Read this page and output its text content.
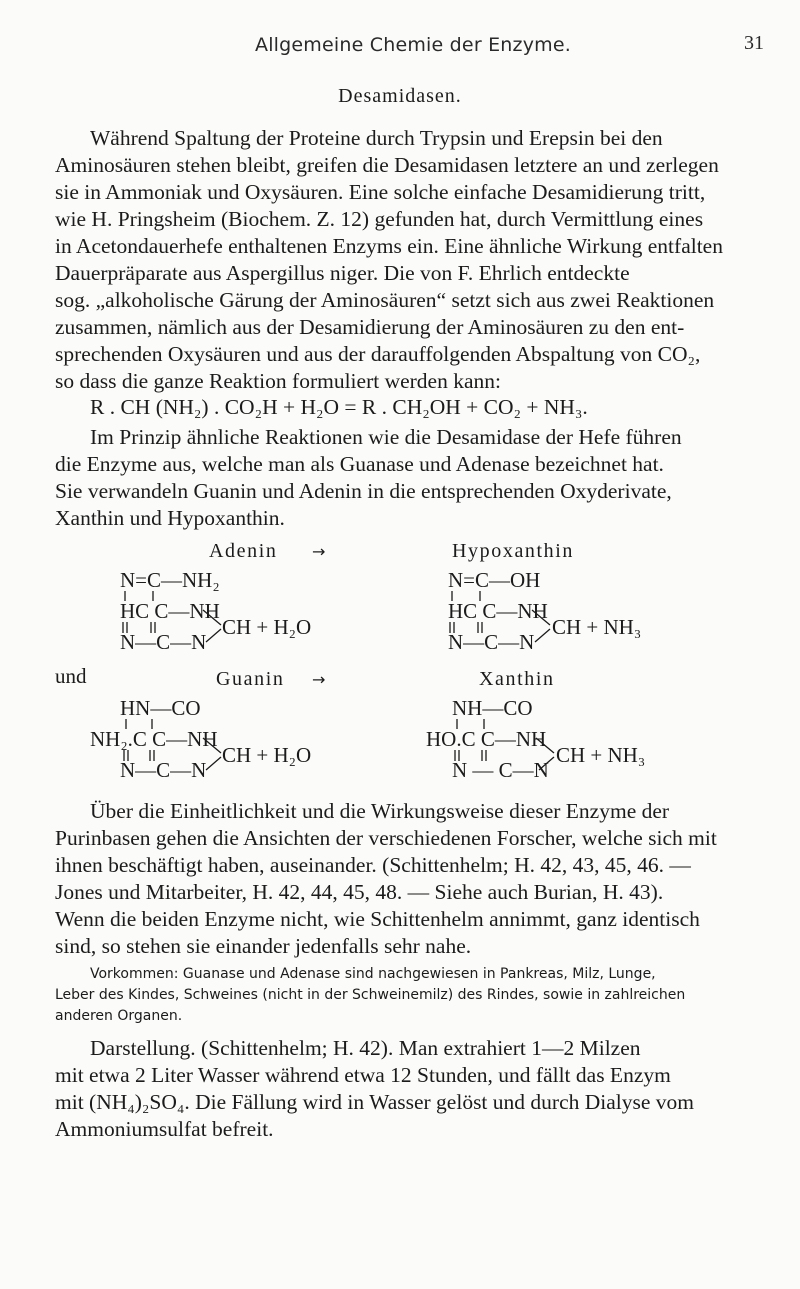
Allgemeine Chemie der Enzyme.	31
Desamidasen.
Während Spaltung der Proteine durch Trypsin und Erepsin bei den
Aminosäuren stehen bleibt, greifen die Desamidasen letztere an und zerlegen
sie in Ammoniak und Oxysäuren. Eine solche einfache Desamidierung tritt,
wie H. Pringsheim (Biochem. Z. 12) gefunden hat, durch Vermittlung eines
in Acetondauerhefe enthaltenen Enzyms ein. Eine ähnliche Wirkung entfalten
Dauerpräparate aus Aspergillus niger. Die von F. Ehrlich entdeckte
sog. „alkoholische Gärung der Aminosäuren“ setzt sich aus zwei Reaktionen
zusammen, nämlich aus der Desamidierung der Aminosäuren zu den ent-
sprechenden Oxysäuren und aus der darauffolgenden Abspaltung von CO₂,
so dass die ganze Reaktion formuliert werden kann:
R . CH (NH₂) . CO₂H + H₂O = R . CH₂OH + CO₂ + NH₃.
Im Prinzip ähnliche Reaktionen wie die Desamidase der Hefe führen
die Enzyme aus, welche man als Guanase und Adenase bezeichnet hat.
Sie verwandeln Guanin und Adenin in die entsprechenden Oxyderivate,
Xanthin und Hypoxanthin.
und
Adenin →	Hypoxanthin
N=C—NH₂
HC C—NH
N—C—N
CH + H₂O
N=C—OH
HC C—NH
N—C—N
CH + NH₃
Guanin →	Xanthin
HN—CO
NH₂.C C—NH
N—C—N
CH + H₂O
NH—CO
HO.C C—NH
N — C—N
CH + NH₃
Über die Einheitlichkeit und die Wirkungsweise dieser Enzyme der
Purinbasen gehen die Ansichten der verschiedenen Forscher, welche sich mit
ihnen beschäftigt haben, auseinander. (Schittenhelm; H. 42, 43, 45, 46. —
Jones und Mitarbeiter, H. 42, 44, 45, 48. — Siehe auch Burian, H. 43).
Wenn die beiden Enzyme nicht, wie Schittenhelm annimmt, ganz identisch
sind, so stehen sie einander jedenfalls sehr nahe.
Vorkommen: Guanase und Adenase sind nachgewiesen in Pankreas, Milz, Lunge,
Leber des Kindes, Schweines (nicht in der Schweinemilz) des Rindes, sowie in zahlreichen
anderen Organen.
Darstellung. (Schittenhelm; H. 42). Man extrahiert 1—2 Milzen
mit etwa 2 Liter Wasser während etwa 12 Stunden, und fällt das Enzym
mit (NH₄)₂SO₄. Die Fällung wird in Wasser gelöst und durch Dialyse vom
Ammoniumsulfat befreit.
